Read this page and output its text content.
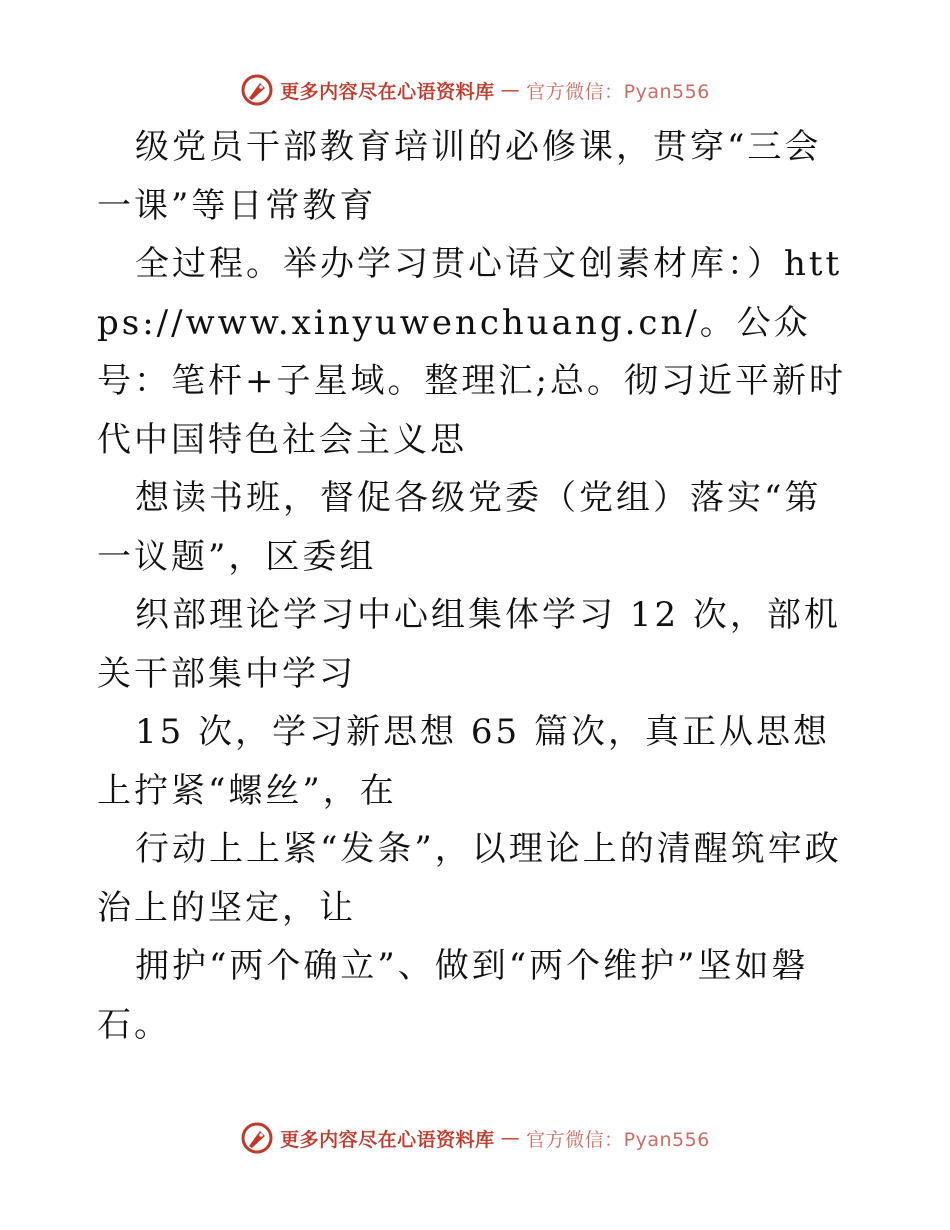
更多内容尽在心语资料库 — 官方微信：Pyan556

级党员干部教育培训的必修课，贯穿“三会一课”等日常教育

全过程。举办学习贯心语文创素材库：）https://www.xinyuwenchuang.cn/。公众号：笔杆+子星域。整理汇;总。彻习近平新时代中国特色社会主义思

想读书班，督促各级党委（党组）落实“第一议题”，区委组

织部理论学习中心组集体学习 12 次，部机关干部集中学习

15 次，学习新思想 65 篇次，真正从思想上拧紧“螺丝”，在

行动上上紧“发条”，以理论上的清醒筑牢政治上的坚定，让

拥护“两个确立”、做到“两个维护”坚如磐石。

更多内容尽在心语资料库 — 官方微信：Pyan556
